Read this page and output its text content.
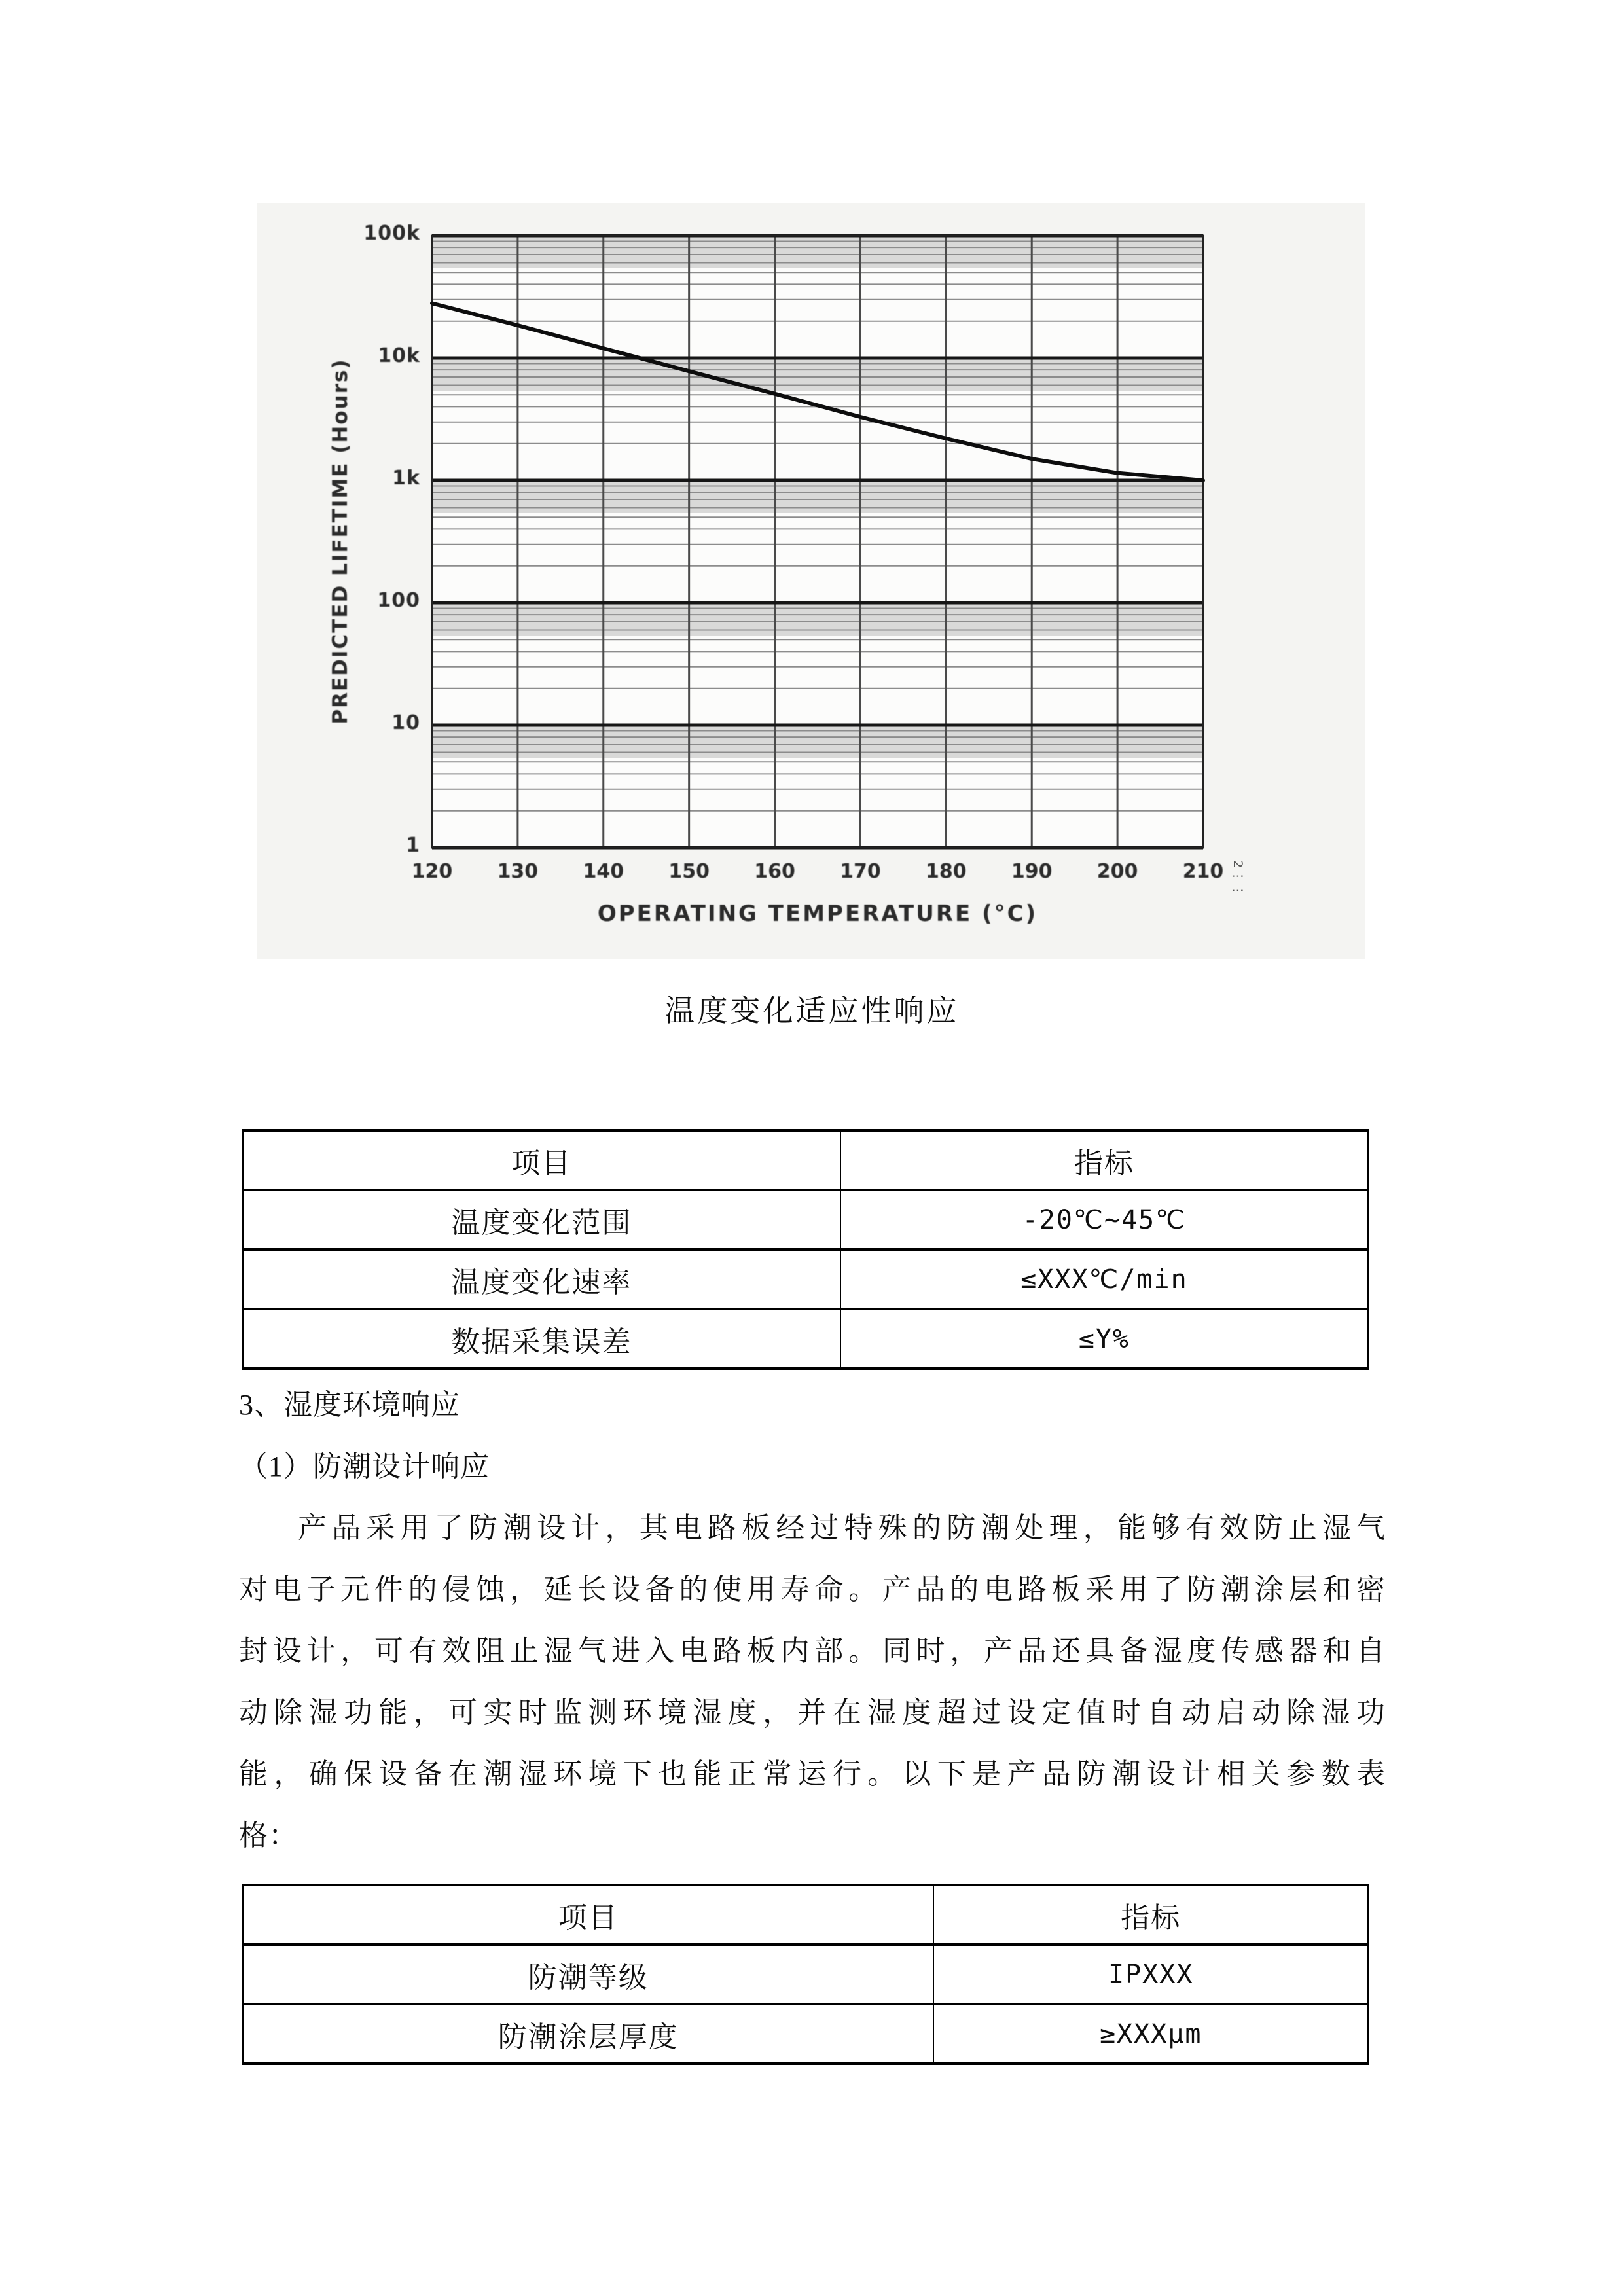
PREDICTED LIFETIME (Hours)
OPERATING TEMPERATURE (°C)
2⋮⋮
100k
10k
1k
100
10
1
120	130	140	150	160	170	180	190	200	210
温度变化适应性响应
项目	指标
温度变化范围	-20℃~45℃
温度变化速率	≤XXX℃/min
数据采集误差	≤Y%
3、湿度环境响应
（1）防潮设计响应
产品采用了防潮设计，其电路板经过特殊的防潮处理，能够有效防止湿气
对电子元件的侵蚀，延长设备的使用寿命。产品的电路板采用了防潮涂层和密
封设计，可有效阻止湿气进入电路板内部。同时，产品还具备湿度传感器和自
动除湿功能，可实时监测环境湿度，并在湿度超过设定值时自动启动除湿功
能，确保设备在潮湿环境下也能正常运行。以下是产品防潮设计相关参数表
格：
项目	指标
防潮等级	IPXXX
防潮涂层厚度	≥XXXμm
